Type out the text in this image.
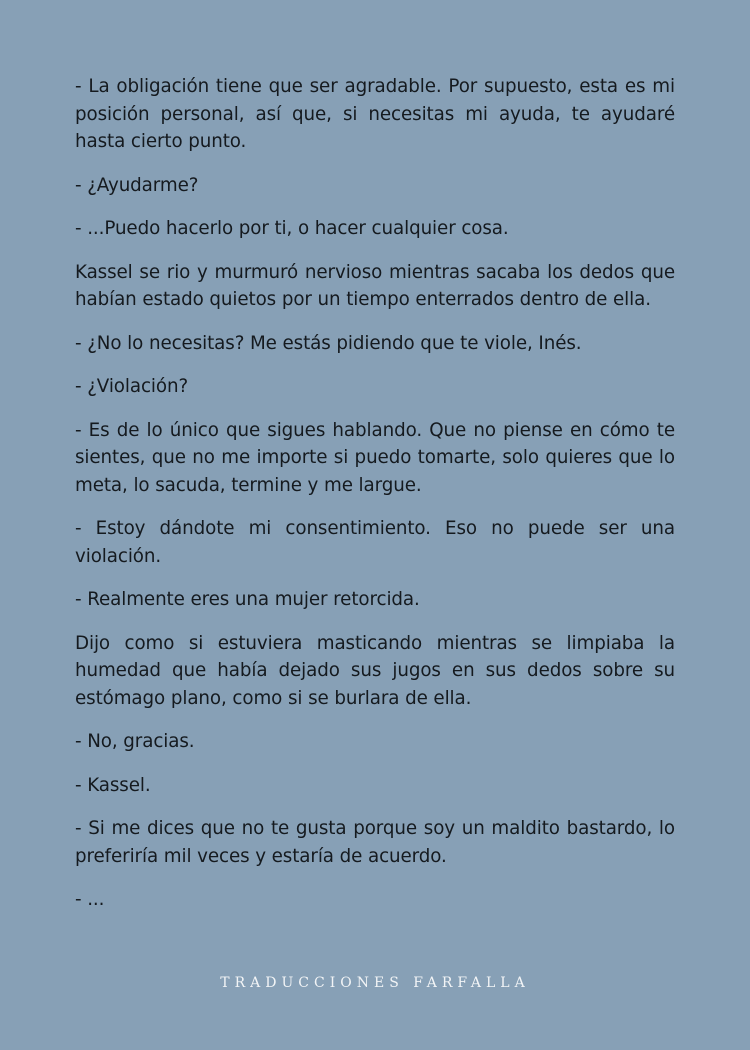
- La obligación tiene que ser agradable. Por supuesto, esta es mi posición personal, así que, si necesitas mi ayuda, te ayudaré hasta cierto punto.

- ¿Ayudarme?

- ...Puedo hacerlo por ti, o hacer cualquier cosa.

Kassel se rio y murmuró nervioso mientras sacaba los dedos que habían estado quietos por un tiempo enterrados dentro de ella.

- ¿No lo necesitas? Me estás pidiendo que te viole, Inés.

- ¿Violación?

- Es de lo único que sigues hablando. Que no piense en cómo te sientes, que no me importe si puedo tomarte, solo quieres que lo meta, lo sacuda, termine y me largue.

- Estoy dándote mi consentimiento. Eso no puede ser una violación.

- Realmente eres una mujer retorcida.

Dijo como si estuviera masticando mientras se limpiaba la humedad que había dejado sus jugos en sus dedos sobre su estómago plano, como si se burlara de ella.

- No, gracias.

- Kassel.

- Si me dices que no te gusta porque soy un maldito bastardo, lo preferiría mil veces y estaría de acuerdo.

- ...

TRADUCCIONES FARFALLA
